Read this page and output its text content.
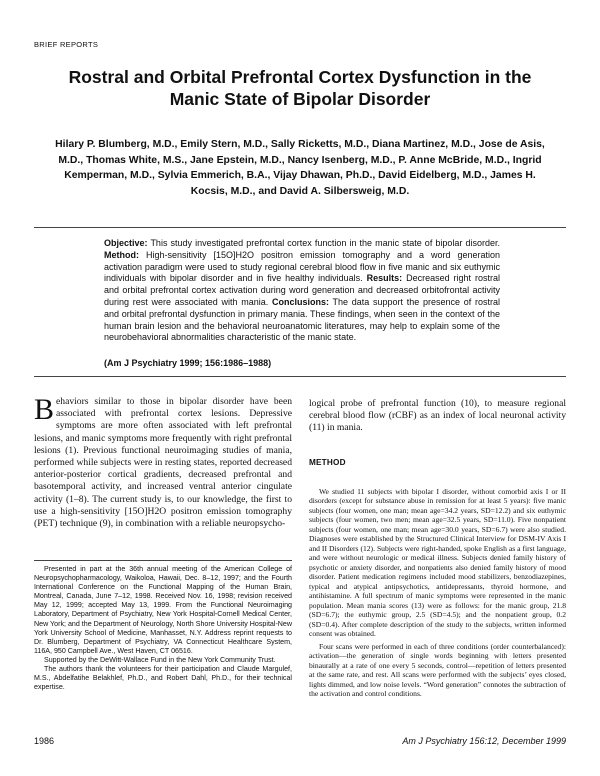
BRIEF REPORTS
Rostral and Orbital Prefrontal Cortex Dysfunction in the Manic State of Bipolar Disorder
Hilary P. Blumberg, M.D., Emily Stern, M.D., Sally Ricketts, M.D., Diana Martinez, M.D., Jose de Asis, M.D., Thomas White, M.S., Jane Epstein, M.D., Nancy Isenberg, M.D., P. Anne McBride, M.D., Ingrid Kemperman, M.D., Sylvia Emmerich, B.A., Vijay Dhawan, Ph.D., David Eidelberg, M.D., James H. Kocsis, M.D., and David A. Silbersweig, M.D.

Objective: This study investigated prefrontal cortex function in the manic state of bipolar disorder. Method: High-sensitivity [15O]H2O positron emission tomography and a word generation activation paradigm were used to study regional cerebral blood flow in five manic and six euthymic individuals with bipolar disorder and in five healthy individuals. Results: Decreased right rostral and orbital prefrontal cortex activation during word generation and decreased orbitofrontal activity during rest were associated with mania. Conclusions: The data support the presence of rostral and orbital prefrontal dysfunction in primary mania. These findings, when seen in the context of the human brain lesion and the behavioral neuroanatomic literatures, may help to explain some of the neurobehavioral abnormalities characteristic of the manic state.

(Am J Psychiatry 1999; 156:1986–1988)

B ehaviors similar to those in bipolar disorder have been associated with prefrontal cortex lesions. Depressive symptoms are more often associated with left prefrontal lesions, and manic symptoms more frequently with right prefrontal lesions (1). Previous functional neuroimaging studies of mania, performed while subjects were in resting states, reported decreased anterior-posterior cortical gradients, decreased prefrontal and basotemporal activity, and increased ventral anterior cingulate activity (1–8). The current study is, to our knowledge, the first to use a high-sensitivity [15O]H2O positron emission tomography (PET) technique (9), in combination with a reliable neuropsycho-

Presented in part at the 36th annual meeting of the American College of Neuropsychopharmacology, Waikoloa, Hawaii, Dec. 8–12, 1997; and the Fourth International Conference on the Functional Mapping of the Human Brain, Montreal, Canada, June 7–12, 1998. Received Nov. 16, 1998; revision received May 12, 1999; accepted May 13, 1999. From the Functional Neuroimaging Laboratory, Department of Psychiatry, New York Hospital-Cornell Medical Center, New York; and the Department of Neurology, North Shore University Hospital-New York University School of Medicine, Manhasset, N.Y. Address reprint requests to Dr. Blumberg, Department of Psychiatry, VA Connecticut Healthcare System, 116A, 950 Campbell Ave., West Haven, CT 06516.

Supported by the DeWitt-Wallace Fund in the New York Community Trust.

The authors thank the volunteers for their participation and Claude Margulef, M.S., Abdelfatihe Belakhlef, Ph.D., and Robert Dahl, Ph.D., for their technical expertise.

logical probe of prefrontal function (10), to measure regional cerebral blood flow (rCBF) as an index of local neuronal activity (11) in mania.

METHOD

We studied 11 subjects with bipolar I disorder, without comorbid axis I or II disorders (except for substance abuse in remission for at least 5 years): five manic subjects (four women, one man; mean age=34.2 years, SD=12.2) and six euthymic subjects (four women, two men; mean age=32.5 years, SD=11.0). Five nonpatient subjects (four women, one man; mean age=30.0 years, SD=6.7) were also studied. Diagnoses were established by the Structured Clinical Interview for DSM-IV Axis I and II Disorders (12). Subjects were right-handed, spoke English as a first language, and were without neurologic or medical illness. Subjects denied family history of psychotic or anxiety disorder, and nonpatients also denied family history of mood disorder. Patient medication regimens included mood stabilizers, benzodiazepines, typical and atypical antipsychotics, antidepressants, thyroid hormone, and antihistamine. A full spectrum of manic symptoms were represented in the manic population. Mean mania scores (13) were as follows: for the manic group, 21.8 (SD=6.7); the euthymic group, 2.5 (SD=4.5); and the nonpatient group, 0.2 (SD=0.4). After complete description of the study to the subjects, written informed consent was obtained.

Four scans were performed in each of three conditions (order counterbalanced): activation—the generation of single words beginning with letters presented binaurally at a rate of one every 5 seconds, control—repetition of letters presented at the same rate, and rest. All scans were performed with the subjects’ eyes closed, lights dimmed, and low noise levels. “Word generation” connotes the subtraction of the activation and control conditions.

1986	Am J Psychiatry 156:12, December 1999
